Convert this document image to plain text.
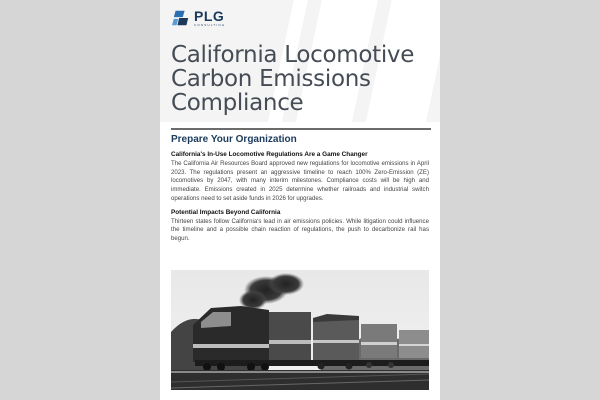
PLG
CONSULTING
California Locomotive Carbon Emissions Compliance
Prepare Your Organization
California's In-Use Locomotive Regulations Are a Game Changer

The California Air Resources Board approved new regulations for locomotive emissions in April 2023. The regulations present an aggressive timeline to reach 100% Zero-Emission (ZE) locomotives by 2047, with many interim milestones. Compliance costs will be high and immediate. Emissions created in 2025 determine whether railroads and industrial switch operations need to set aside funds in 2026 for upgrades.

Potential Impacts Beyond California

Thirteen states follow California's lead in air emissions policies. While litigation could influence the timeline and a possible chain reaction of regulations, the push to decarbonize rail has begun.
